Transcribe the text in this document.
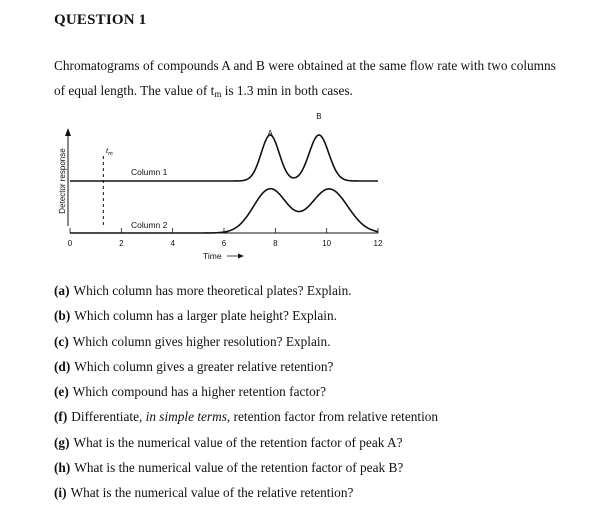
QUESTION 1
Chromatograms of compounds A and B were obtained at the same flow rate with two columns of equal length. The value of $t_m$ is 1.3 min in both cases.
Detector response
0	2	4	6	8	10	12
Time
$t_m$
Column 1
Column 2
A
B
(a) Which column has more theoretical plates? Explain.
(b) Which column has a larger plate height? Explain.
(c) Which column gives higher resolution? Explain.
(d) Which column gives a greater relative retention?
(e) Which compound has a higher retention factor?
(f) Differentiate, in simple terms, retention factor from relative retention
(g) What is the numerical value of the retention factor of peak A?
(h) What is the numerical value of the retention factor of peak B?
(i) What is the numerical value of the relative retention?
